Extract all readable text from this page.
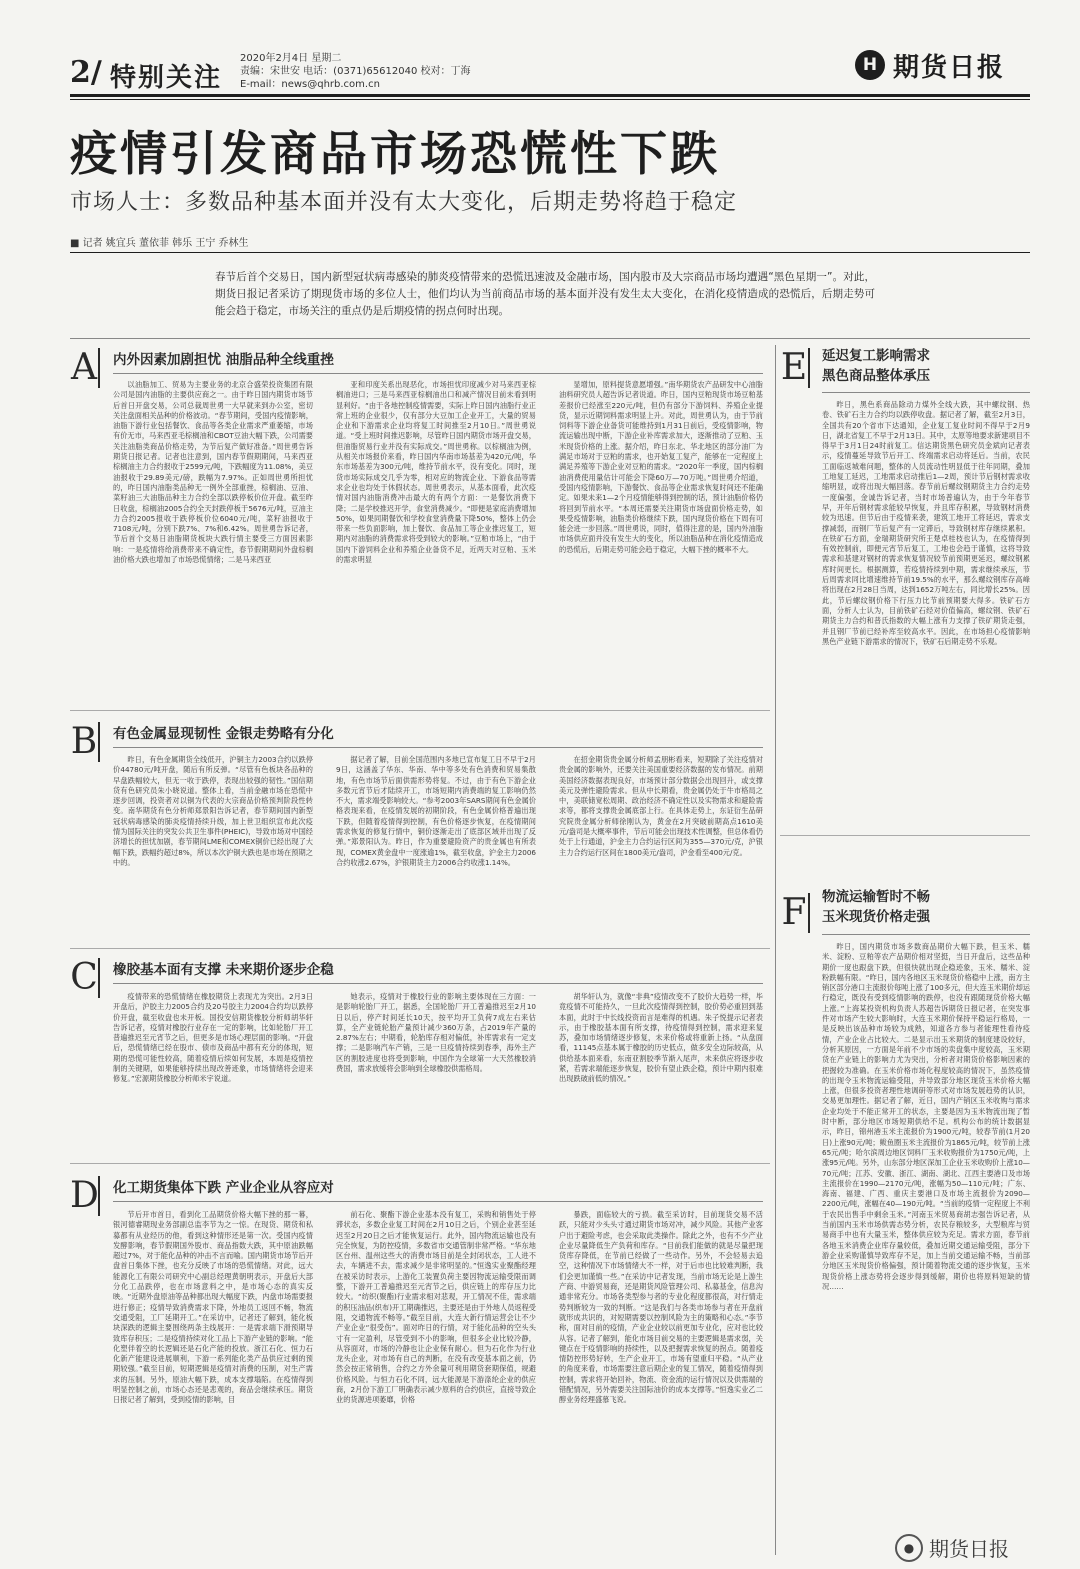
2/ 特别关注
2020年2月4日 星期二
责编：宋世安 电话：(0371)65612040 校对：丁海
E-mail：news@qhrb.com.cn
H 期货日报
疫情引发商品市场恐慌性下跌
市场人士：多数品种基本面并没有太大变化，后期走势将趋于稳定
■ 记者 姚宜兵 董依菲 韩乐 王宁 乔林生
春节后首个交易日，国内新型冠状病毒感染的肺炎疫情带来的恐慌迅速波及金融市场，国内股市及大宗商品市场均遭遇“黑色星期一”。对此，期货日报记者采访了期现货市场的多位人士，他们均认为当前商品市场的基本面并没有发生太大变化，在消化疫情造成的恐慌后，后期走势可能会趋于稳定，市场关注的重点仍是后期疫情的拐点何时出现。
A 内外因素加剧担忧 油脂品种全线重挫

以油脂加工、贸易为主要业务的北京合盛荣投资集团有限公司是国内油脂的主要供应商之一。由于昨日国内期货市场节后首日开盘交易，公司总裁周世勇一大早就来到办公室，密切关注盘面相关品种的价格波动。“春节期间，受国内疫情影响，油脂下游行业包括餐饮、食品等各类企业需求严重萎缩，市场有价无市，马来西亚毛棕榈油和CBOT豆油大幅下跌，公司需要关注油脂类商品价格走势，为节后复产做好准备。”周世勇告诉期货日报记者。记者也注意到，国内春节假期期间，马来西亚棕榈油主力合约报收于2599元/吨，下跌幅度为11.08%，美豆油报收于29.89美元/磅，跌幅为7.97%。正如周世勇所担忧的，昨日国内油脂类品种无一例外全部重挫，棕榈油、豆油、菜籽油三大油脂品种主力合约全部以跌停板价位开盘。截至昨日收盘，棕榈油2005合约全天封跌停板于5676元/吨，豆油主力合约2005报收于跌停板价位6040元/吨，菜籽油报收于7108元/吨，分别下跌7%、7%和6.42%。周世勇告诉记者，节后首个交易日油脂期货板块大跌行情主要受三方面因素影响：一是疫情将给消费带来不确定性，春节假期期间外盘棕榈油价格大跌也增加了市场恐慌情绪；二是马来西亚

亚和印度关系出现恶化，市场担忧印度减少对马来西亚棕榈油进口；三是马来西亚棕榈油出口和减产情况目前未看到明显利好。“由于各地控制疫情需要，实际上昨日国内油脂行业正常上班的企业很少，仅有部分大豆加工企业开工，大量的贸易企业和下游需求企业均将复工时间推至2月10日。”周世勇说道。“受上班时间推迟影响，尽管昨日国内期货市场开盘交易，但油脂贸易行业并没有实际成交。”周世勇称。以棕榈油为例，从相关市场报价来看，昨日国内华南市场基差为420元/吨，华东市场基差为300元/吨，维持节前水平，没有变化。同时，现货市场实际成交几乎为零，相对应的物流企业、下游食品等需求企业也均处于休假状态。周世勇表示，从基本面看，此次疫情对国内油脂消费冲击最大的有两个方面：一是餐饮消费下降；二是学校推迟开学，食堂消费减少。“即便是家庭消费增加50%，如果同期餐饮和学校食堂消费量下降50%，整体上仍会带来一些负面影响，加上餐饮、食品加工等企业推迟复工，短期内对油脂的消费需求将受到较大的影响。”豆粕市场上，“由于国内下游饲料企业和养殖企业备货不足，近两天对豆粕、玉米的需求明显

显增加，原料提货意愿增强。”南华期货农产品研发中心油脂油料研究员人超告诉记者说道。昨日，国内豆粕现货市场豆粕基差报价已经涨至220元/吨，但仍有部分下游饲料、养殖企业提货，显示近期饲料需求明显上升。对此，周世勇认为，由于节前饲料等下游企业备货可能维持到1月31日前后，受疫情影响，物流运输出现中断，下游企业补库需求加大，逐渐推动了豆粕、玉米现货价格的上涨。据介绍，昨日东北、华北地区的部分油厂为满足市场对于豆粕的需求，也开始复工复产，能够在一定程度上满足养殖等下游企业对豆粕的需求。“2020年一季度，国内棕榈油消费使用量估计可能会下降60万—70万吨。”周世勇介绍道，受国内疫情影响，下游餐饮、食品等企业需求恢复时间还不能确定。如果未来1—2个月疫情能够得到控制的话，预计油脂价格仍将回到节前水平。“本周还需要关注期货市场盘面价格走势，如果受疫情影响，油脂类价格继续下跌，国内现货价格在下周有可能会进一步回落。”周世勇说，同时，值得注意的是，国内外油脂市场供应面并没有发生大的变化，所以油脂品种在消化疫情造成的恐慌后，后期走势可能会趋于稳定，大幅下挫的概率不大。

B 有色金属显现韧性 金银走势略有分化

昨日，有色金属期货全线低开，沪铜主力2003合约以跌停价44780元/吨开盘，随后有所反弹。“尽管有色板块各品种的早盘跌幅较大，但无一收于跌停，表现出较强的韧性。”国信期货有色研究员朱小晓说道。整体上看，当前金融市场在恐慌中逐步回调，投资者对以铜为代表的大宗商品价格预判阶段性转变。南华期货有色分析师郑景阳告诉记者，春节期间国内新型冠状病毒感染的肺炎疫情持续升级，加上世卫组织宣布此次疫情为国际关注的突发公共卫生事件(PHEIC)，导致市场对中国经济增长的担忧加剧，春节期间LME和COMEX铜价已经出现了大幅下跌，跌幅约超过8%，所以本次沪铜大跌也是市场在预期之中的。

据记者了解，目前全国范围内多地已宣布复工日不早于2月9日，这涵盖了华东、华南、华中等多处有色消费和贸易集散地，有色市场节后面供需形势将复。不过，由于有色下游企业多数元宵节后才陆续开工，市场短期内消费端的复工影响仍然不大，需求端受影响较大。“参考2003年SARS期间有色金属价格表现来看，在疫情发展的初期阶段，有色金属价格普遍出现下跌，但随着疫情得到控制，有色价格逐步恢复，在疫情期间需求恢复的修复行情中，铜价逐渐走出了底部区域并出现了反弹。”郑景阳认为。昨日，作为重要避险资产的贵金属也有所表现，COMEX黄金盘中一度涨逾1%，截至收盘，沪金主力2006合约收涨2.67%，沪银期货主力2006合约收涨1.14%。

在招金期货贵金属分析师孟朋彬看来，短期除了关注疫情对贵金属的影响外，还要关注美国重要经济数据的发布情况。前期美国经济数据表现良好，市场预计部分数据会出现回升，或支撑美元及弹性避险需求。但从中长期看，贵金属仍处于牛市格局之中，美联储宽松周期、政治经济不确定性以及实物需求和避险需求等，都将支撑贵金属底部上行。在具体走势上，东证衍生品研究院贵金属分析师徐刚认为，黄金在2月突破前期高点1610美元/盎司是大概率事件，节后可能会出现技术性调整，但总体看仍处于上行通道，沪金主力合约运行区间为355—370元/克，沪银主力合约运行区间在1800美元/盎司，沪金看至400元/克。

C 橡胶基本面有支撑 未来期价逐步企稳

疫情带来的恐慌情绪在橡胶期货上表现尤为突出。2月3日开盘后，沪胶主力2005合约及20号胶主力2004合约均以跌停价开盘，截至收盘也未开板。国投安信期货橡胶分析师胡华轩告诉记者，疫情对橡胶行业存在一定的影响，比如轮胎厂开工普遍推迟至元宵节之后，但更多是市场心理层面的影响。“开盘后，恐慌情绪已经在股市、债市及商品中都有充分的体现，短期的恐慌可能性较高，随着疫情后续如何发展，本周是疫情控制的关键期，如果能够持续出现改善迹象，市场情绪将会迎来修复。”宏源期货橡胶分析师米宇说道。

她表示，疫情对于橡胶行业的影响主要体现在三方面：一是影响轮胎厂开工，据悉，全国轮胎厂开工普遍推迟至2月10日以后，停产时间延长10天，按平均开工负荷7成左右来估算，全产业链轮胎产量预计减少360万条，占2019年产量的2.87%左右；中期看，轮胎库存相对偏低，补库需求有一定支撑；二是影响汽车产销，三是一旦疫情持续到春季，海外主产区的割胶进度也将受到影响，中国作为全球第一大天然橡胶消费国，需求放缓将会影响到全球橡胶供需格局。

胡华轩认为，就像“非典”疫情改变不了胶价大趋势一样，毕竟疫情不可能持久，一旦此次疫情得到控制，胶价势必重回到基本面，此时于中长线投资而言是难得的机遇。朱子悦提示记者表示，由于橡胶基本面有所支撑，待疫情得到控制，需求迎来复苏，叠加市场情绪逐步修复，未来价格或将重新上扬。“从盘面看，11145点基本属于橡胶的历史低点，做多安全边际较高，从供给基本面来看，东南亚割胶季节渐入尾声，未来供应将逐步收紧，若需求端能逐步恢复，胶价有望止跌企稳，预计中期内很难出现跌破前低的情况。”

D 化工期货集体下跌 产业企业从容应对

节后开市首日，看到化工品期货价格大幅下挫的那一幕，银河德睿期现业务部副总监李节为之一惊。在现货、期货和私募都有从业经历的他，看到这种情形还是第一次。受国内疫情发酵影响，春节假期国外股市、商品指数大跌，其中原油跌幅超过7%，对于能化品种的冲击不言而喻。国内期货市场节后开盘首日集体下挫，也充分反映了市场的恐慌情绪。对此，远大能源化工有限公司研究中心副总经理黄朝明表示，开盘后大部分化工品跌停，也在市场意料之中，是市场心态的真实反映。“近期外盘原油等品种都出现大幅度下跌，内盘市场需要报进行修正；疫情导致消费需求下降，外地员工返回不畅，物流交通受阻，工厂延期开工。”在采访中，记者还了解到，能化板块深跌的逻辑主要围绕两条主线展开：一是需求端下滑预期导致库存积压；二是疫情持续对化工品上下游产业链的影响。“能化塑伴着空的长逻辑还是石化产能的投放。浙江石化、恒力石化新产能建设进展顺利，下游一系列能化类产品供应过剩的预期较强。”截至目前，短期逻辑是疫情对消费的压制，对生产需求的压制。另外，原油大幅下跌，成本支撑塌陷。在疫情得到明显控制之前，市场心态还是悲观的，商品会继续承压。期货日报记者了解到，受到疫情的影响，目

前石化、聚酯下游企业基本没有复工，采购和销售处于停滞状态，多数企业复工时间在2月10日之后，个别企业甚至延迟至2月20日之后才能恢复运行。此外，国内物流运输也没有完全恢复，为防控疫情，多数省市交通管制非常严格。“华东地区台州、温州这些大的消费市场目前是全封闭状态，工人进不去，车辆进不去，需求减少是非常明显的。”恒逸实业聚酯经理在被采访时表示，上游化工装置负荷主要因物流运输受限而调整，下游开工普遍推迟至元宵节之后，供应链上的库存压力比较大。“纺织(聚酯)行业需求相对悲观，开工情况不佳，需求端的积压油品(织布)开工期确推迟，主要还是由于外地人员返程受阻，交通物流不畅等。”截至目前，大连大新行情运营会让不少产业企业“很受伤”。面对昨日的行情，对于能化品种的空头头寸有一定盈利，尽管受到不小的影响，但很多企业比较冷静，从容面对，市场的冷静也让企业保有耐心。但为石化作为行业龙头企业，对市场有自己的判断，在没有改变基本面之前，仍然会按正常销售，合约之方外余量可利用期货套期保值，规避价格风险。与恒力石化不同，远大能源是下游涤纶企业的供应商，2月份下游工厂明确表示减少原料的合约供应，直接导致企业的货源进项萎靡，价格

暴跌，面临较大的亏损。截至采访时，目前现货交易不活跃，只能对少头头寸通过期货市场对冲，减少风险。其他产业客户出于避险考虑，也会采取此类操作。除此之外，也有不少产业企业尽量降低生产负荷和库存。“目前我们能做的就是尽量把现货库存降低，在节前已经做了一些动作。另外，不会轻易去追空，这种情况下市场情绪大不一样，对于后市也比较难判断，我们会更加谨慎一些。”在采访中记者发现，当前市场无论是上游生产商、中游贸易商，还是期货风险管理公司、私募基金，信息沟通非常充分。市场各类型参与者的专业化程度都很高，对行情走势判断较为一致的判断。“这是我们与各类市场参与者在开盘前就形成共识的，对短期需要以控制风险为主的策略和心态。”李节称，面对目前的疫情，产业企业较以前更加专业化，应对也比较从容。记者了解到，能化市场目前交易的主要逻辑是需求弱，关键点在于疫情影响的持续性，以及把握需求恢复的拐点。随着疫情防控形势好转，生产企业开工，市场有望重归平稳。“从产业的角度来看，市场需要注意后期企业的复工情况，随着疫情得到控制，需求将开始回补，物流、资金流的运行情况以及供需端的错配情况，另外需要关注国际油价的成本支撑等。”恒逸实业乙二醇业务经理盛慕飞说。

E 延迟复工影响需求
黑色商品整体承压

昨日，黑色系商品除动力煤外全线大跌，其中螺纹钢、热卷、铁矿石主力合约均以跌停收盘。据记者了解，截至2月3日，全国共有20个省市下达通知，企业复工复业时间不得早于2月9日，湖北省复工不早于2月13日。其中，太原等地要求新建项目不得早于3月1日24时前复工。信达期货黑色研究员金斌向记者表示，疫情蔓延导致节后开工、终端需求启动将延后。当前，农民工面临返城难问题，整体的人员流动性明显低于往年同期，叠加工地复工延迟，工地需求启动推后1—2周，预计节后钢材需求收缩明显，或将出现大幅回落。春节前后螺纹钢期货主力合约走势一度偏强，金诚告诉记者，当时市场普遍认为，由于今年春节早，开年后钢材需求能较早恢复，并且库存积累，导致钢材消费较为迅速。但节后由于疫情来袭，建筑工地开工将延迟，需求支撑减弱，而钢厂节后复产有一定滞后，导致钢材库存继续累积。在铁矿石方面，金瑞期货研究所王楚卓桂枝也认为，在疫情得到有效控制前，即便元宵节后复工，工地也会趋于谨慎，这将导致需求和基建对钢材的需求恢复情况较节前预期更延迟，螺纹钢累库时间更长。根据测算，若疫情持续到中期，需求继续承压，节后周需求同比增速维持节前19.5%的水平，那么螺纹钢库存高峰将出现在2月28日当周，达到1652万吨左右，同比增长25%。因此，节后螺纹钢价格下行压力比节前预期要大得多。铁矿石方面，分析人士认为，目前铁矿石经对价值偏高，螺纹钢、铁矿石期货主力合约和普氏指数的大幅上涨有力支撑了铁矿期货走强，并且钢厂节前已经补库至较高水平。因此，在市场担心疫情影响黑色产业链下游需求的情况下，铁矿石后期走势不乐观。

F 物流运输暂时不畅
玉米现货价格走强

昨日，国内期货市场多数商品期价大幅下跌，但玉米、糯米、淀粉、豆粕等农产品期价相对坚挺，当日开盘后，这些品种期价一度也跟盘下跌，但很快就出现企稳迹象，玉米、糯米、淀粉跌幅有限。“昨日，国内各地区玉米现货价格稳中上涨，南方主销区部分港口主流报价每吨上涨了100多元，但大连玉米期价却运行稳定，既没有受到疫情影响的跌停，也没有跟随现货价格大幅上涨。”上海某投资机构负责人苏超告诉期货日报记者，在突发事件对市场产生较大影响时，大连玉米期价保持平稳运行格局，一是反映出该品种市场较为成熟，知道各方参与者能理性看待疫情，产业企业占比较大。二是显示出玉米期货的制度建设较好，分析其原因，一方面是年前不少市场的卖盘集中度较高，玉米期货在产业链上的影响力尤为突出，分析者对期货价格影响因素的把握较为准确。在玉米价格市场化程度较高的情况下，虽然疫情的出现令玉米物流运输受阻，并导致部分地区现货玉米价格大幅上涨，但很多投资者理性地调研等形式对市场发展趋势的认识，交易更加理性。据记者了解，近日，国内产销区玉米收购与需求企业均处于不能正常开工的状态，主要是因为玉米物流出现了暂时中断，部分地区市场短期供给不足。机构公布的统计数据显示，昨日，锦州港玉米主流报价为1900元/吨，较春节前(1月20日)上涨90元/吨；鲅鱼圈玉米主流报价为1865元/吨，较节前上涨65元/吨；哈尔滨周边地区饲料厂玉米收购报价为1750元/吨，上涨95元/吨。另外，山东部分地区深加工企业玉米收购价上涨10—70元/吨；江苏、安徽、浙江、湖南、湖北、江西主要港口及市场主流报价在1990—2170元/吨，涨幅为50—110元/吨；广东、海南、福建、广西、重庆主要港口及市场主流报价为2090—2200元/吨，涨幅在40—190元/吨。“当前的疫情一定程度上不利于农民出售手中剩余玉米。”河南玉米贸易商胡志强告诉记者，从当前国内玉米市场供需态势分析，农民存粮较多，大型粮库与贸易商手中也有大量玉米，整体供应较为充足。需求方面，春节前各地玉米消费企业库存量较低，叠加近期交通运输受阻，部分下游企业采购谨慎导致库存不足，加上当前交通运输不畅，当前部分地区玉米现货价格偏强，预计随着物流交通的逐步恢复，玉米现货价格上涨态势将会逐步得到缓解，期价也将原料短缺的情况……

● 期货日报
